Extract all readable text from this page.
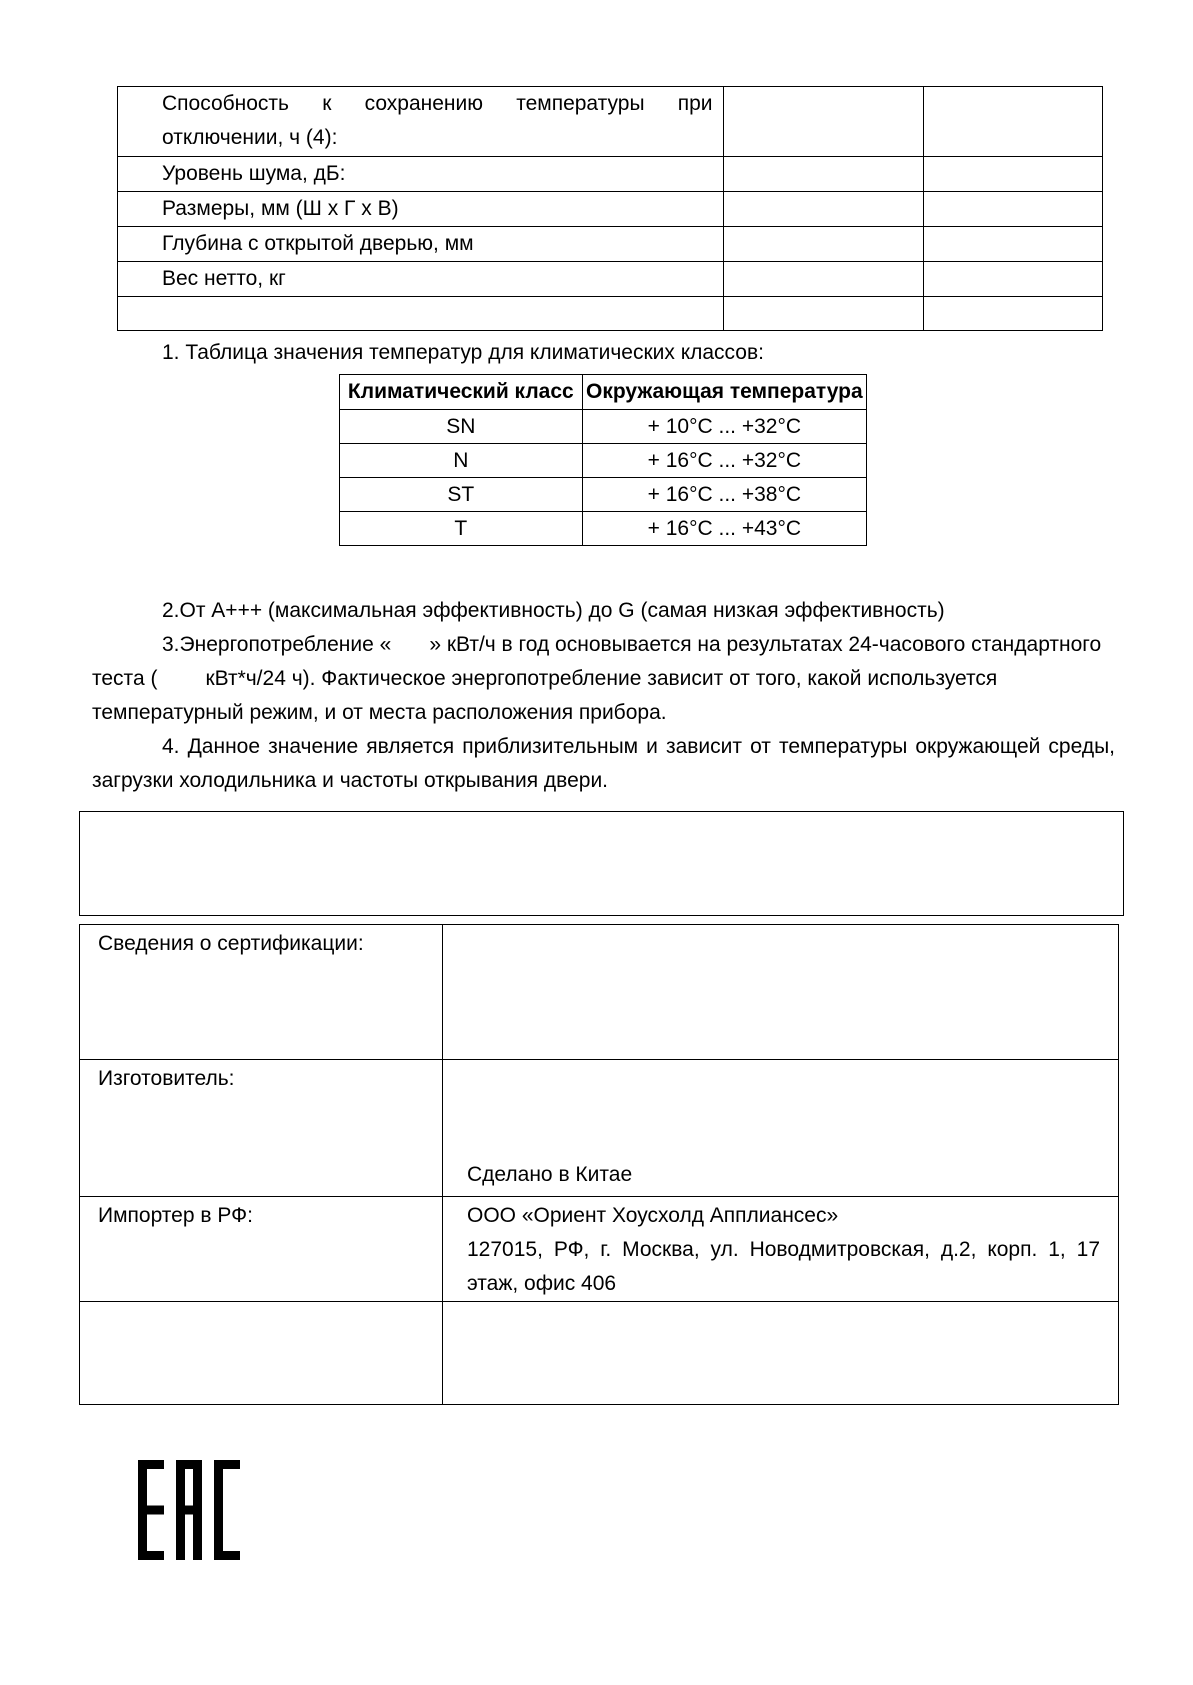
Способность к сохранению температуры при отключении, ч (4):		

Уровень шума, дБ:		
Размеры, мм (Ш х Г х В)		
Глубина с открытой дверью, мм		
Вес нетто, кг		

1. Таблица значения температур для климатических классов:
Климатический класс	Окружающая температура
SN	+ 10°C ... +32°C
N	+ 16°C ... +32°C
ST	+ 16°C ... +38°C
T	+ 16°C ... +43°C
2.От A+++ (максимальная эффективность) до G (самая низкая эффективность)
3.Энергопотребление « » кВт/ч в год основывается на результатах 24-часового стандартного теста ( кВт*ч/24 ч). Фактическое энергопотребление зависит от того, какой используется температурный режим, и от места расположения прибора.
4. Данное значение является приблизительным и зависит от температуры окружающей среды, загрузки холодильника и частоты открывания двери.
Сведения о сертификации:	
Изготовитель:	Сделано в Китае

Импортер в РФ:	ООО «Ориент Хоусхолд Апплиансес»
127015, РФ, г. Москва, ул. Новодмитровская, д.2, корп. 1, 17 этаж, офис 406
